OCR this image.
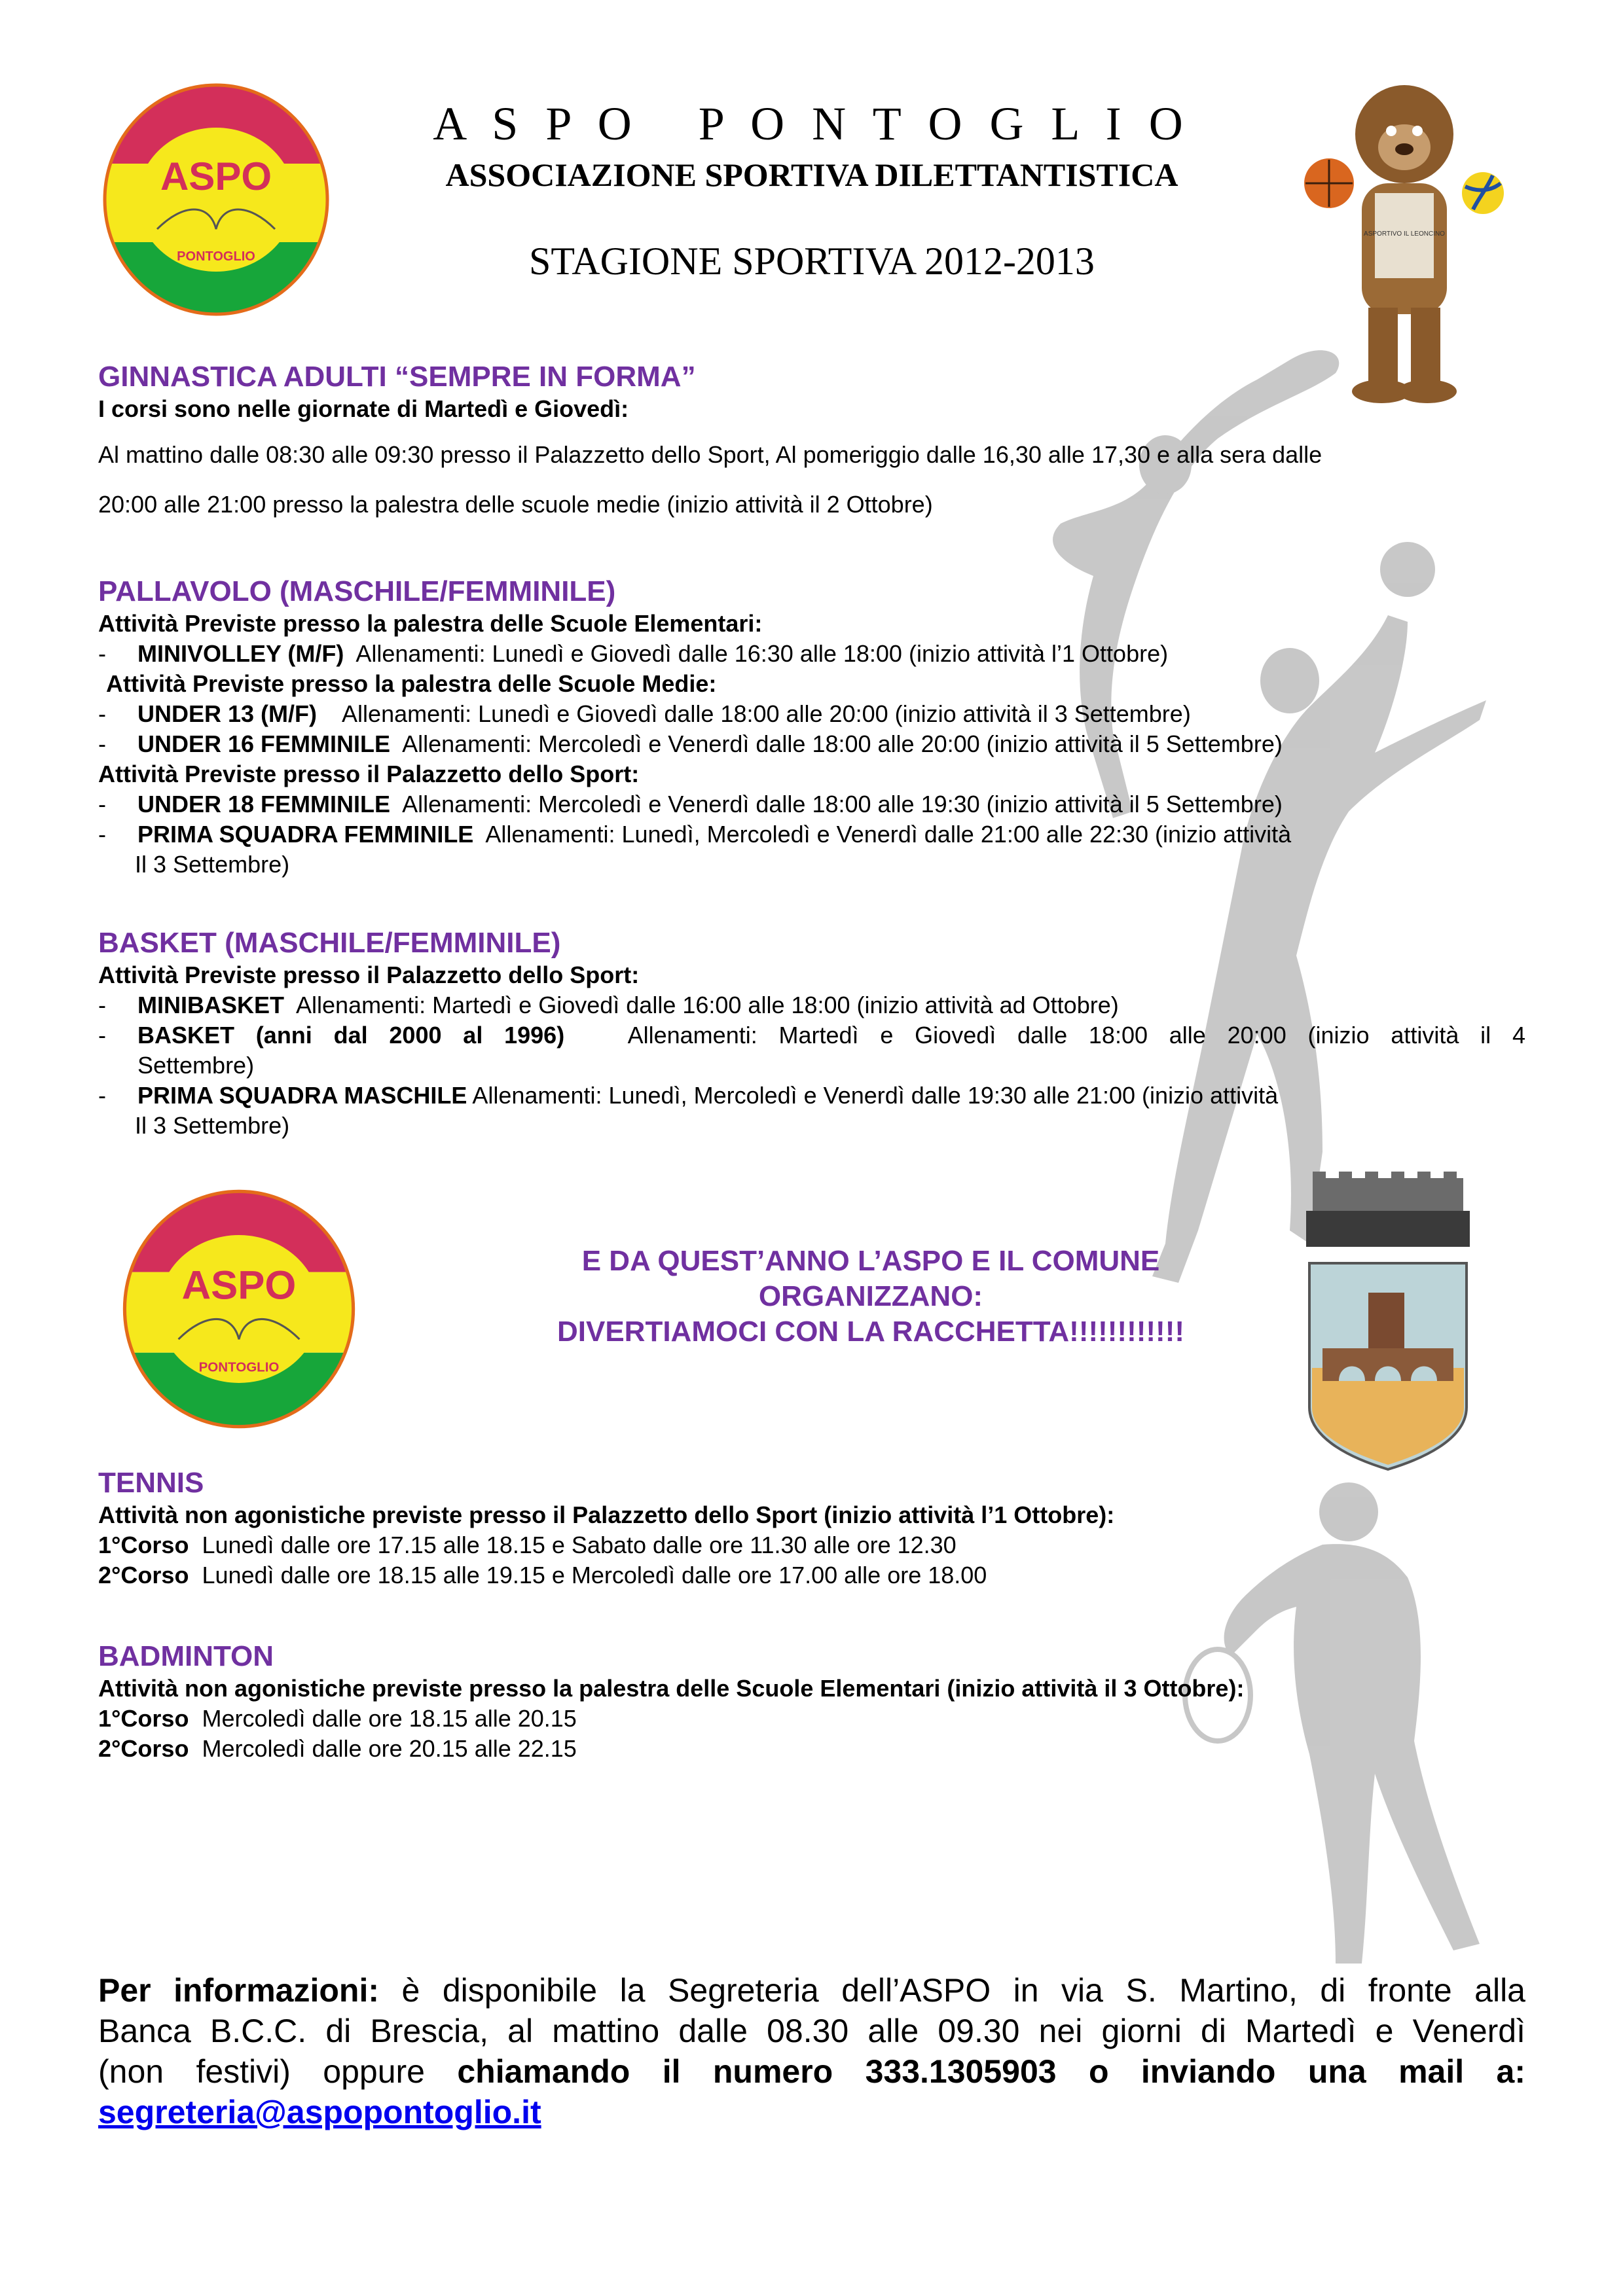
ASPO
PONTOGLIO
A S P O   P O N T O G L I O
ASSOCIAZIONE SPORTIVA DILETTANTISTICA
STAGIONE SPORTIVA 2012-2013
ASPORTIVO IL LEONCINO
GINNASTICA ADULTI “SEMPRE IN FORMA”
I corsi sono nelle giornate di Martedì e Giovedì:
Al mattino dalle 08:30 alle 09:30 presso il Palazzetto dello Sport, Al pomeriggio dalle 16,30 alle 17,30 e alla sera dalle
20:00 alle 21:00 presso la palestra delle scuole medie (inizio attività il 2 Ottobre)
PALLAVOLO (MASCHILE/FEMMINILE)
Attività Previste presso la palestra delle Scuole Elementari:
- MINIVOLLEY (M/F) Allenamenti: Lunedì e Giovedì dalle 16:30 alle 18:00 (inizio attività l’1 Ottobre)
Attività Previste presso la palestra delle Scuole Medie:
- UNDER 13 (M/F) Allenamenti: Lunedì e Giovedì dalle 18:00 alle 20:00 (inizio attività il 3 Settembre)
- UNDER 16 FEMMINILE Allenamenti: Mercoledì e Venerdì dalle 18:00 alle 20:00 (inizio attività il 5 Settembre)
Attività Previste presso il Palazzetto dello Sport:
- UNDER 18 FEMMINILE Allenamenti: Mercoledì e Venerdì dalle 18:00 alle 19:30 (inizio attività il 5 Settembre)
- PRIMA SQUADRA FEMMINILE Allenamenti: Lunedì, Mercoledì e Venerdì dalle 21:00 alle 22:30 (inizio attività
Il 3 Settembre)
BASKET (MASCHILE/FEMMINILE)
Attività Previste presso il Palazzetto dello Sport:
- MINIBASKET Allenamenti: Martedì e Giovedì dalle 16:00 alle 18:00 (inizio attività ad Ottobre)
- BASKET (anni dal 2000 al 1996)	Allenamenti: Martedì e Giovedì dalle 18:00 alle 20:00 (inizio attività il 4
Settembre)
- PRIMA SQUADRA MASCHILE Allenamenti: Lunedì, Mercoledì e Venerdì dalle 19:30 alle 21:00 (inizio attività
Il 3 Settembre)
ASPO
PONTOGLIO
E DA QUEST’ANNO L’ASPO E IL COMUNE
ORGANIZZANO:
DIVERTIAMOCI CON LA RACCHETTA!!!!!!!!!!!!
TENNIS
Attività non agonistiche previste presso il Palazzetto dello Sport (inizio attività l’1 Ottobre):
1°Corso Lunedì dalle ore 17.15 alle 18.15 e Sabato dalle ore 11.30 alle ore 12.30
2°Corso Lunedì dalle ore 18.15 alle 19.15 e Mercoledì dalle ore 17.00 alle ore 18.00
BADMINTON
Attività non agonistiche previste presso la palestra delle Scuole Elementari (inizio attività il 3 Ottobre):
1°Corso Mercoledì dalle ore 18.15 alle 20.15
2°Corso Mercoledì dalle ore 20.15 alle 22.15
Per informazioni: è disponibile la Segreteria dell’ASPO in via S. Martino, di fronte alla
Banca B.C.C. di Brescia, al mattino dalle 08.30 alle 09.30 nei giorni di Martedì e Venerdì
(non festivi) oppure chiamando il numero 333.1305903 o inviando una mail a:
segreteria@aspopontoglio.it
